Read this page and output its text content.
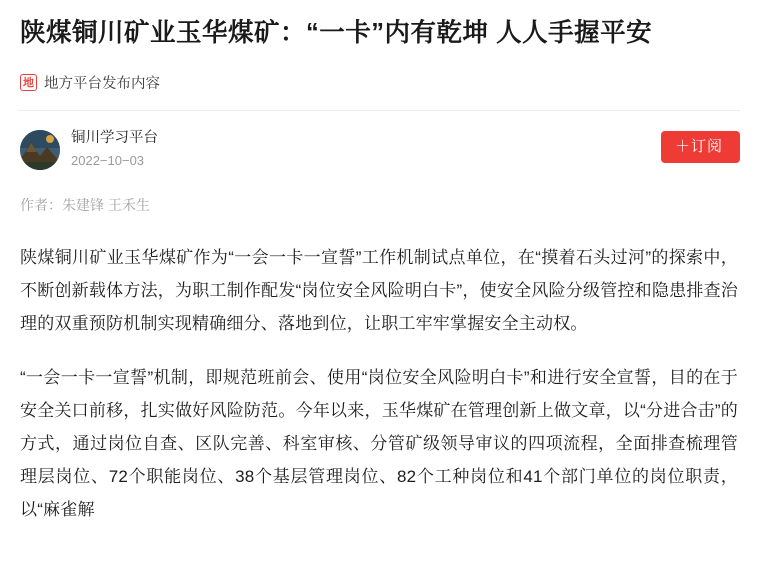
陕煤铜川矿业玉华煤矿：“一卡”内有乾坤 人人手握平安
地 地方平台发布内容
铜川学习平台
2022−10−03
＋订阅
作者：朱建锋 王禾生

陕煤铜川矿业玉华煤矿作为“一会一卡一宣誓”工作机制试点单位，在“摸着石头过河”的探索中，不断创新载体方法，为职工制作配发“岗位安全风险明白卡”，使安全风险分级管控和隐患排查治理的双重预防机制实现精确细分、落地到位，让职工牢牢掌握安全主动权。

“一会一卡一宣誓”机制，即规范班前会、使用“岗位安全风险明白卡”和进行安全宣誓，目的在于安全关口前移，扎实做好风险防范。今年以来，玉华煤矿在管理创新上做文章，以“分进合击”的方式，通过岗位自查、区队完善、科室审核、分管矿级领导审议的四项流程，全面排查梳理管理层岗位、72个职能岗位、38个基层管理岗位、82个工种岗位和41个部门单位的岗位职责，以“麻雀解
